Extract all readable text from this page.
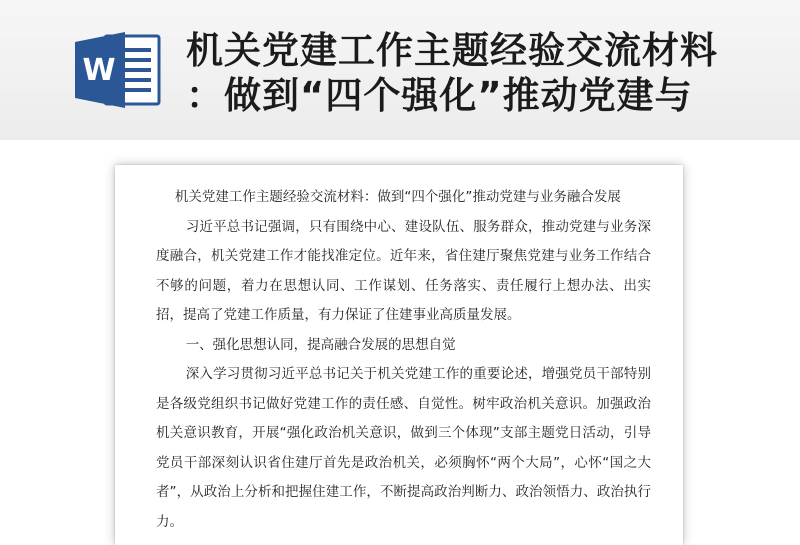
W 机关党建工作主题经验交流材料
：做到“四个强化”推动党建与

机关党建工作主题经验交流材料：做到“四个强化”推动党建与业务融合发展

习近平总书记强调，只有围绕中心、建设队伍、服务群众，推动党建与业务深度融合，机关党建工作才能找准定位。近年来，省住建厅聚焦党建与业务工作结合不够的问题，着力在思想认同、工作谋划、任务落实、责任履行上想办法、出实招，提高了党建工作质量，有力保证了住建事业高质量发展。

一、强化思想认同，提高融合发展的思想自觉

深入学习贯彻习近平总书记关于机关党建工作的重要论述，增强党员干部特别是各级党组织书记做好党建工作的责任感、自觉性。树牢政治机关意识。加强政治机关意识教育，开展“强化政治机关意识，做到三个体现”支部主题党日活动，引导党员干部深刻认识省住建厅首先是政治机关，必须胸怀“两个大局”，心怀“国之大者”，从政治上分析和把握住建工作，不断提高政治判断力、政治领悟力、政治执行力。
